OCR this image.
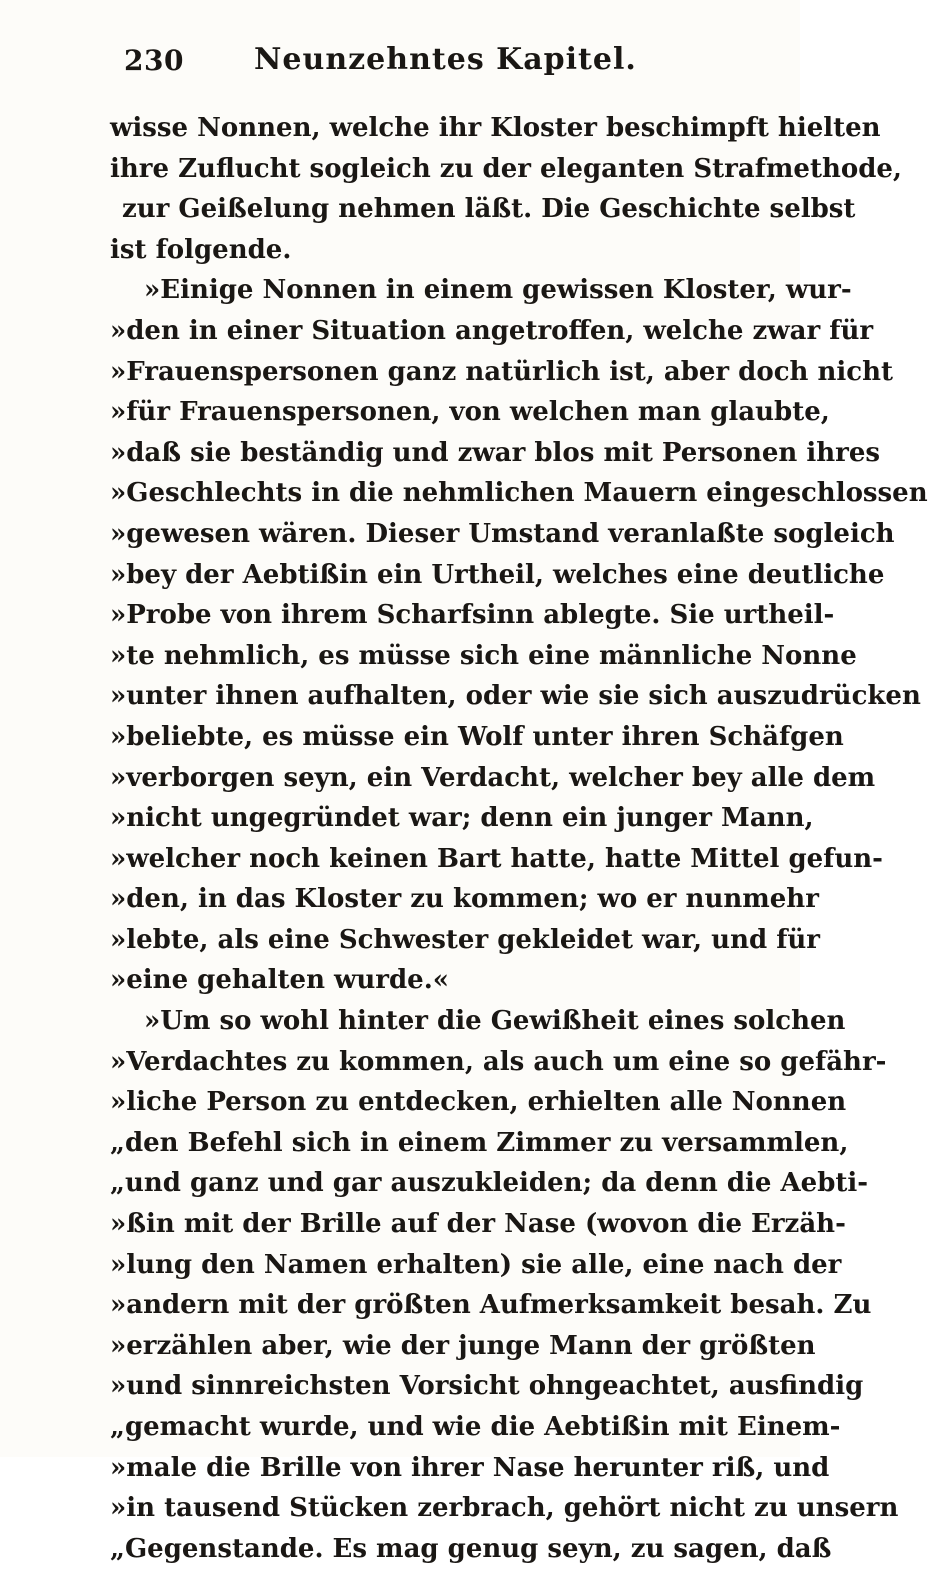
230 Neunzehntes Kapitel.
wisse Nonnen, welche ihr Kloster beschimpft hielten
ihre Zuflucht sogleich zu der eleganten Strafmethode,
zur Geißelung nehmen läßt. Die Geschichte selbst
ist folgende.
»Einige Nonnen in einem gewissen Kloster, wur-
»den in einer Situation angetroffen, welche zwar für
»Frauenspersonen ganz natürlich ist, aber doch nicht
»für Frauenspersonen, von welchen man glaubte,
»daß sie beständig und zwar blos mit Personen ihres
»Geschlechts in die nehmlichen Mauern eingeschlossen
»gewesen wären. Dieser Umstand veranlaßte sogleich
»bey der Aebtißin ein Urtheil, welches eine deutliche
»Probe von ihrem Scharfsinn ablegte. Sie urtheil-
»te nehmlich, es müsse sich eine männliche Nonne
»unter ihnen aufhalten, oder wie sie sich auszudrücken
»beliebte, es müsse ein Wolf unter ihren Schäfgen
»verborgen seyn, ein Verdacht, welcher bey alle dem
»nicht ungegründet war; denn ein junger Mann,
»welcher noch keinen Bart hatte, hatte Mittel gefun-
»den, in das Kloster zu kommen; wo er nunmehr
»lebte, als eine Schwester gekleidet war, und für
»eine gehalten wurde.«
»Um so wohl hinter die Gewißheit eines solchen
»Verdachtes zu kommen, als auch um eine so gefähr-
»liche Person zu entdecken, erhielten alle Nonnen
„den Befehl sich in einem Zimmer zu versammlen,
„und ganz und gar auszukleiden; da denn die Aebti-
»ßin mit der Brille auf der Nase (wovon die Erzäh-
»lung den Namen erhalten) sie alle, eine nach der
»andern mit der größten Aufmerksamkeit besah. Zu
»erzählen aber, wie der junge Mann der größten
»und sinnreichsten Vorsicht ohngeachtet, ausfindig
„gemacht wurde, und wie die Aebtißin mit Einem-
»male die Brille von ihrer Nase herunter riß, und
»in tausend Stücken zerbrach, gehört nicht zu unsern
„Gegenstande. Es mag genug seyn, zu sagen, daß
